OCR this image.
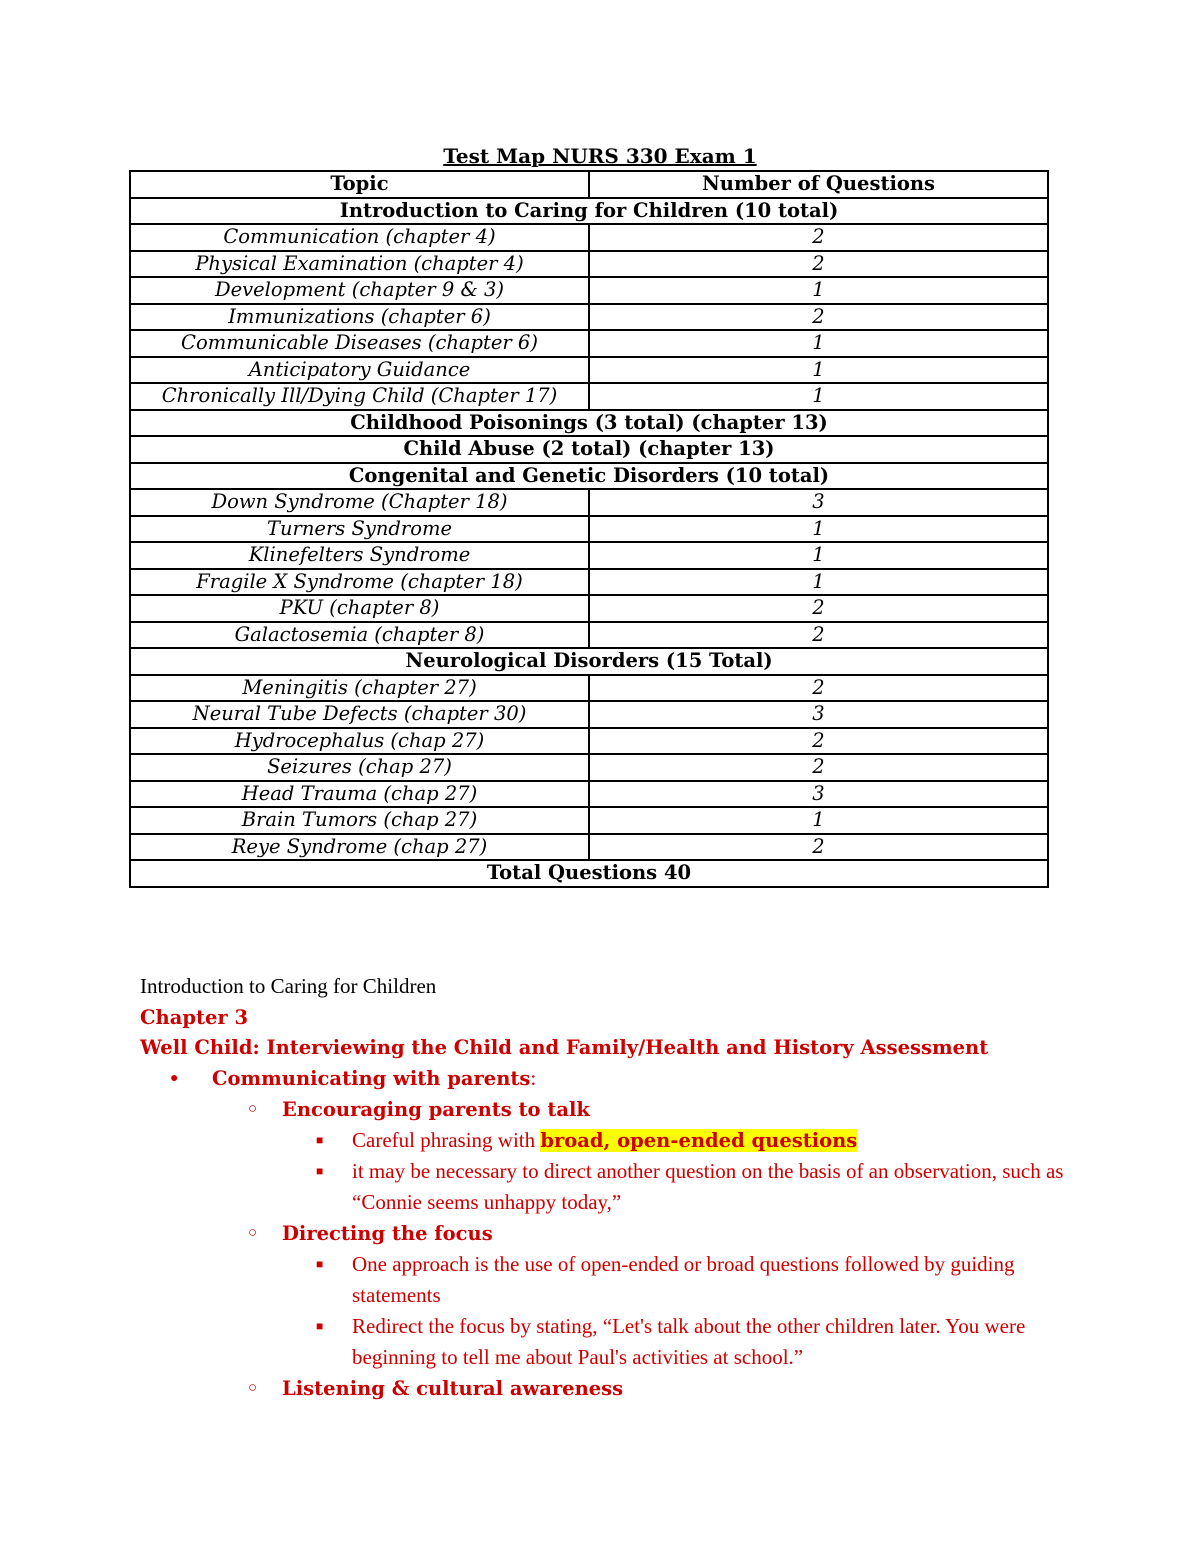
Test Map NURS 330 Exam 1
Topic	Number of Questions
Introduction to Caring for Children (10 total)	
Communication (chapter 4)	2
Physical Examination (chapter 4)	2
Development (chapter 9 & 3)	1
Immunizations (chapter 6)	2
Communicable Diseases (chapter 6)	1
Anticipatory Guidance	1
Chronically Ill/Dying Child (Chapter 17)	1
Childhood Poisonings (3 total) (chapter 13)	
Child Abuse (2 total) (chapter 13)	
Congenital and Genetic Disorders (10 total)	
Down Syndrome (Chapter 18)	3
Turners Syndrome	1
Klinefelters Syndrome	1
Fragile X Syndrome (chapter 18)	1
PKU (chapter 8)	2
Galactosemia (chapter 8)	2
Neurological Disorders (15 Total)	
Meningitis (chapter 27)	2
Neural Tube Defects (chapter 30)	3
Hydrocephalus (chap 27)	2
Seizures (chap 27)	2
Head Trauma (chap 27)	3
Brain Tumors (chap 27)	1
Reye Syndrome (chap 27)	2
Total Questions 40	

Introduction to Caring for Children

Chapter 3

Well Child: Interviewing the Child and Family/Health and History Assessment

● Communicating with parents:
○ Encouraging parents to talk
■ Careful phrasing with broad, open-ended questions
■ it may be necessary to direct another question on the basis of an observation, such as “Connie seems unhappy today,”
○ Directing the focus
■ One approach is the use of open-ended or broad questions followed by guiding statements
■ Redirect the focus by stating, “Let's talk about the other children later. You were beginning to tell me about Paul's activities at school.”
○ Listening & cultural awareness
